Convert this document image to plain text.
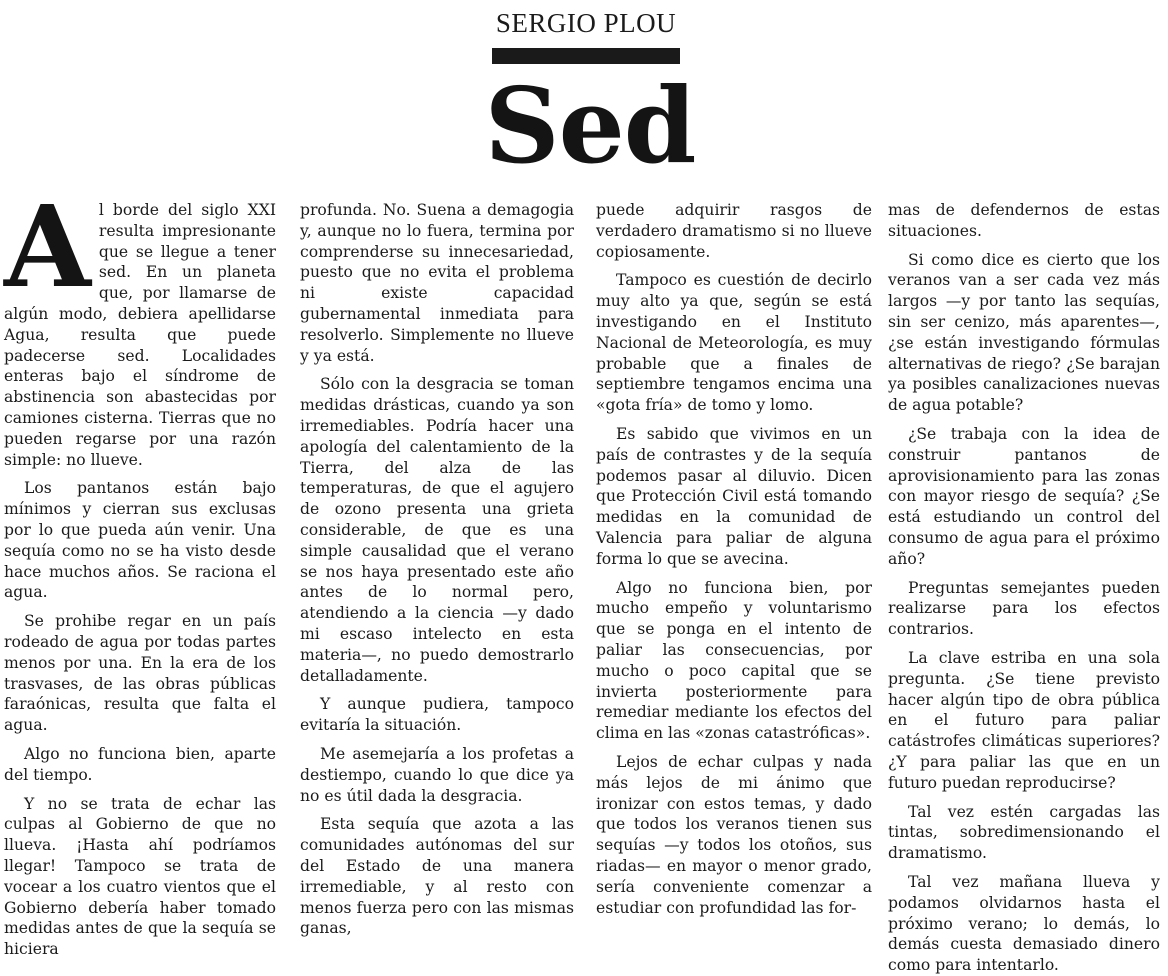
SERGIO PLOU
Sed
A l borde del siglo XXI resulta impresionante que se llegue a tener sed. En un planeta que, por llamarse de algún modo, debiera apellidarse Agua, resulta que puede padecerse sed. Localidades enteras bajo el síndrome de abstinencia son abastecidas por camiones cisterna. Tierras que no pueden regarse por una razón simple: no llueve.

Los pantanos están bajo mínimos y cierran sus exclusas por lo que pueda aún venir. Una sequía como no se ha visto desde hace muchos años. Se raciona el agua.

Se prohibe regar en un país rodeado de agua por todas partes menos por una. En la era de los trasvases, de las obras públicas faraónicas, resulta que falta el agua.

Algo no funciona bien, aparte del tiempo.

Y no se trata de echar las culpas al Gobierno de que no llueva. ¡Hasta ahí podríamos llegar! Tampoco se trata de vocear a los cuatro vientos que el Gobierno debería haber tomado medidas antes de que la sequía se hiciera

profunda. No. Suena a demagogia y, aunque no lo fuera, termina por comprenderse su innecesariedad, puesto que no evita el problema ni existe capacidad gubernamental inmediata para resolverlo. Simplemente no llueve y ya está.

Sólo con la desgracia se toman medidas drásticas, cuando ya son irremediables. Podría hacer una apología del calentamiento de la Tierra, del alza de las temperaturas, de que el agujero de ozono presenta una grieta considerable, de que es una simple causalidad que el verano se nos haya presentado este año antes de lo normal pero, atendiendo a la ciencia —y dado mi escaso intelecto en esta materia—, no puedo demostrarlo detalladamente.

Y aunque pudiera, tampoco evitaría la situación.

Me asemejaría a los profetas a destiempo, cuando lo que dice ya no es útil dada la desgracia.

Esta sequía que azota a las comunidades autónomas del sur del Estado de una manera irremediable, y al resto con menos fuerza pero con las mismas ganas,

puede adquirir rasgos de verdadero dramatismo si no llueve copiosamente.

Tampoco es cuestión de decirlo muy alto ya que, según se está investigando en el Instituto Nacional de Meteorología, es muy probable que a finales de septiembre tengamos encima una «gota fría» de tomo y lomo.

Es sabido que vivimos en un país de contrastes y de la sequía podemos pasar al diluvio. Dicen que Protección Civil está tomando medidas en la comunidad de Valencia para paliar de alguna forma lo que se avecina.

Algo no funciona bien, por mucho empeño y voluntarismo que se ponga en el intento de paliar las consecuencias, por mucho o poco capital que se invierta posteriormente para remediar mediante los efectos del clima en las «zonas catastróficas».

Lejos de echar culpas y nada más lejos de mi ánimo que ironizar con estos temas, y dado que todos los veranos tienen sus sequías —y todos los otoños, sus riadas— en mayor o menor grado, sería conveniente comenzar a estudiar con profundidad las for-

mas de defendernos de estas situaciones.

Si como dice es cierto que los veranos van a ser cada vez más largos —y por tanto las sequías, sin ser cenizo, más aparentes—, ¿se están investigando fórmulas alternativas de riego? ¿Se barajan ya posibles canalizaciones nuevas de agua potable?

¿Se trabaja con la idea de construir pantanos de aprovisionamiento para las zonas con mayor riesgo de sequía? ¿Se está estudiando un control del consumo de agua para el próximo año?

Preguntas semejantes pueden realizarse para los efectos contrarios.

La clave estriba en una sola pregunta. ¿Se tiene previsto hacer algún tipo de obra pública en el futuro para paliar catástrofes climáticas superiores? ¿Y para paliar las que en un futuro puedan reproducirse?

Tal vez estén cargadas las tintas, sobredimensionando el dramatismo.

Tal vez mañana llueva y podamos olvidarnos hasta el próximo verano; lo demás, lo demás cuesta demasiado dinero como para intentarlo.
